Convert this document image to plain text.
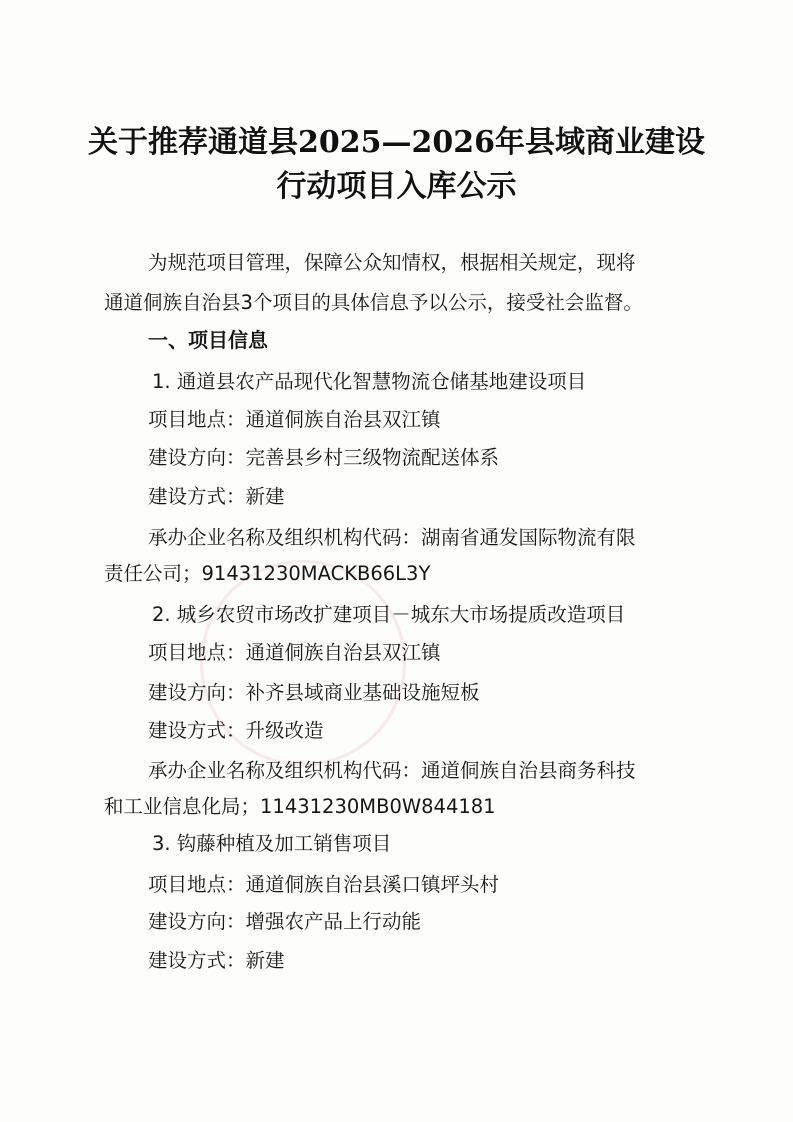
关于推荐通道县2025—2026年县域商业建设
行动项目入库公示
为规范项目管理，保障公众知情权，根据相关规定，现将
通道侗族自治县3个项目的具体信息予以公示，接受社会监督。
一、项目信息
1. 通道县农产品现代化智慧物流仓储基地建设项目
项目地点：通道侗族自治县双江镇
建设方向：完善县乡村三级物流配送体系
建设方式：新建
承办企业名称及组织机构代码：湖南省通发国际物流有限
责任公司；91431230MACKB66L3Y
2. 城乡农贸市场改扩建项目－城东大市场提质改造项目
项目地点：通道侗族自治县双江镇
建设方向：补齐县域商业基础设施短板
建设方式：升级改造
承办企业名称及组织机构代码：通道侗族自治县商务科技
和工业信息化局；11431230MB0W844181
3. 钩藤种植及加工销售项目
项目地点：通道侗族自治县溪口镇坪头村
建设方向：增强农产品上行动能
建设方式：新建
